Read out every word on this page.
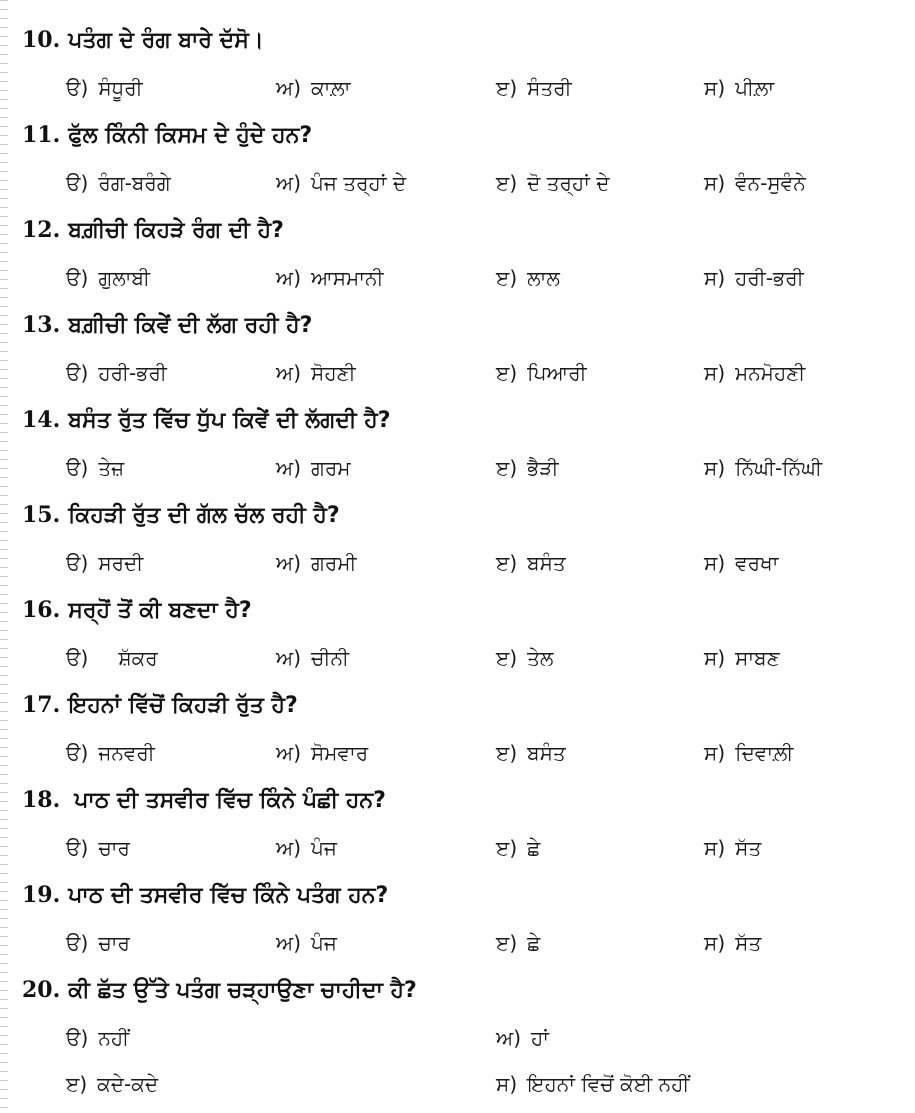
10. ਪਤੰਗ ਦੇ ਰੰਗ ਬਾਰੇ ਦੱਸੋ।
ੳ) ਸੰਧੂਰੀ	ਅ) ਕਾਲ਼ਾ	ੲ) ਸੰਤਰੀ	ਸ) ਪੀਲ਼ਾ
11. ਫੁੱਲ ਕਿੰਨੀ ਕਿਸਮ ਦੇ ਹੁੰਦੇ ਹਨ?
ੳ) ਰੰਗ-ਬਰੰਗੇ	ਅ) ਪੰਜ ਤਰ੍ਹਾਂ ਦੇ	ੲ) ਦੋ ਤਰ੍ਹਾਂ ਦੇ	ਸ) ਵੰਨ-ਸੁਵੰਨੇ
12. ਬਗ਼ੀਚੀ ਕਿਹੜੇ ਰੰਗ ਦੀ ਹੈ?
ੳ) ਗੁਲਾਬੀ	ਅ) ਆਸਮਾਨੀ	ੲ) ਲਾਲ	ਸ) ਹਰੀ-ਭਰੀ
13. ਬਗ਼ੀਚੀ ਕਿਵੇਂ ਦੀ ਲੱਗ ਰਹੀ ਹੈ?
ੳ) ਹਰੀ-ਭਰੀ	ਅ) ਸੋਹਣੀ	ੲ) ਪਿਆਰੀ	ਸ) ਮਨਮੋਹਣੀ
14. ਬਸੰਤ ਰੁੱਤ ਵਿੱਚ ਧੁੱਪ ਕਿਵੇਂ ਦੀ ਲੱਗਦੀ ਹੈ?
ੳ) ਤੇਜ਼	ਅ) ਗਰਮ	ੲ) ਭੈੜੀ	ਸ) ਨਿੱਘੀ-ਨਿੱਘੀ
15. ਕਿਹੜੀ ਰੁੱਤ ਦੀ ਗੱਲ ਚੱਲ ਰਹੀ ਹੈ?
ੳ) ਸਰਦੀ	ਅ) ਗਰਮੀ	ੲ) ਬਸੰਤ	ਸ) ਵਰਖਾ
16. ਸਰ੍ਹੋਂ ਤੋਂ ਕੀ ਬਣਦਾ ਹੈ?
ੳ) ਸ਼ੱਕਰ	ਅ) ਚੀਨੀ	ੲ) ਤੇਲ	ਸ) ਸਾਬਣ
17. ਇਹਨਾਂ ਵਿੱਚੋਂ ਕਿਹੜੀ ਰੁੱਤ ਹੈ?
ੳ) ਜਨਵਰੀ	ਅ) ਸੋਮਵਾਰ	ੲ) ਬਸੰਤ	ਸ) ਦਿਵਾਲ਼ੀ
18. ਪਾਠ ਦੀ ਤਸਵੀਰ ਵਿੱਚ ਕਿੰਨੇ ਪੰਛੀ ਹਨ?
ੳ) ਚਾਰ	ਅ) ਪੰਜ	ੲ) ਛੇ	ਸ) ਸੱਤ
19. ਪਾਠ ਦੀ ਤਸਵੀਰ ਵਿੱਚ ਕਿੰਨੇ ਪਤੰਗ ਹਨ?
ੳ) ਚਾਰ	ਅ) ਪੰਜ	ੲ) ਛੇ	ਸ) ਸੱਤ
20. ਕੀ ਛੱਤ ਉੱਤੇ ਪਤੰਗ ਚੜ੍ਹਾਉਣਾ ਚਾਹੀਦਾ ਹੈ?
ੳ) ਨਹੀਂ	ਅ) ਹਾਂ
ੲ) ਕਦੇ-ਕਦੇ	ਸ) ਇਹਨਾਂ ਵਿਚੋਂ ਕੋਈ ਨਹੀਂ
